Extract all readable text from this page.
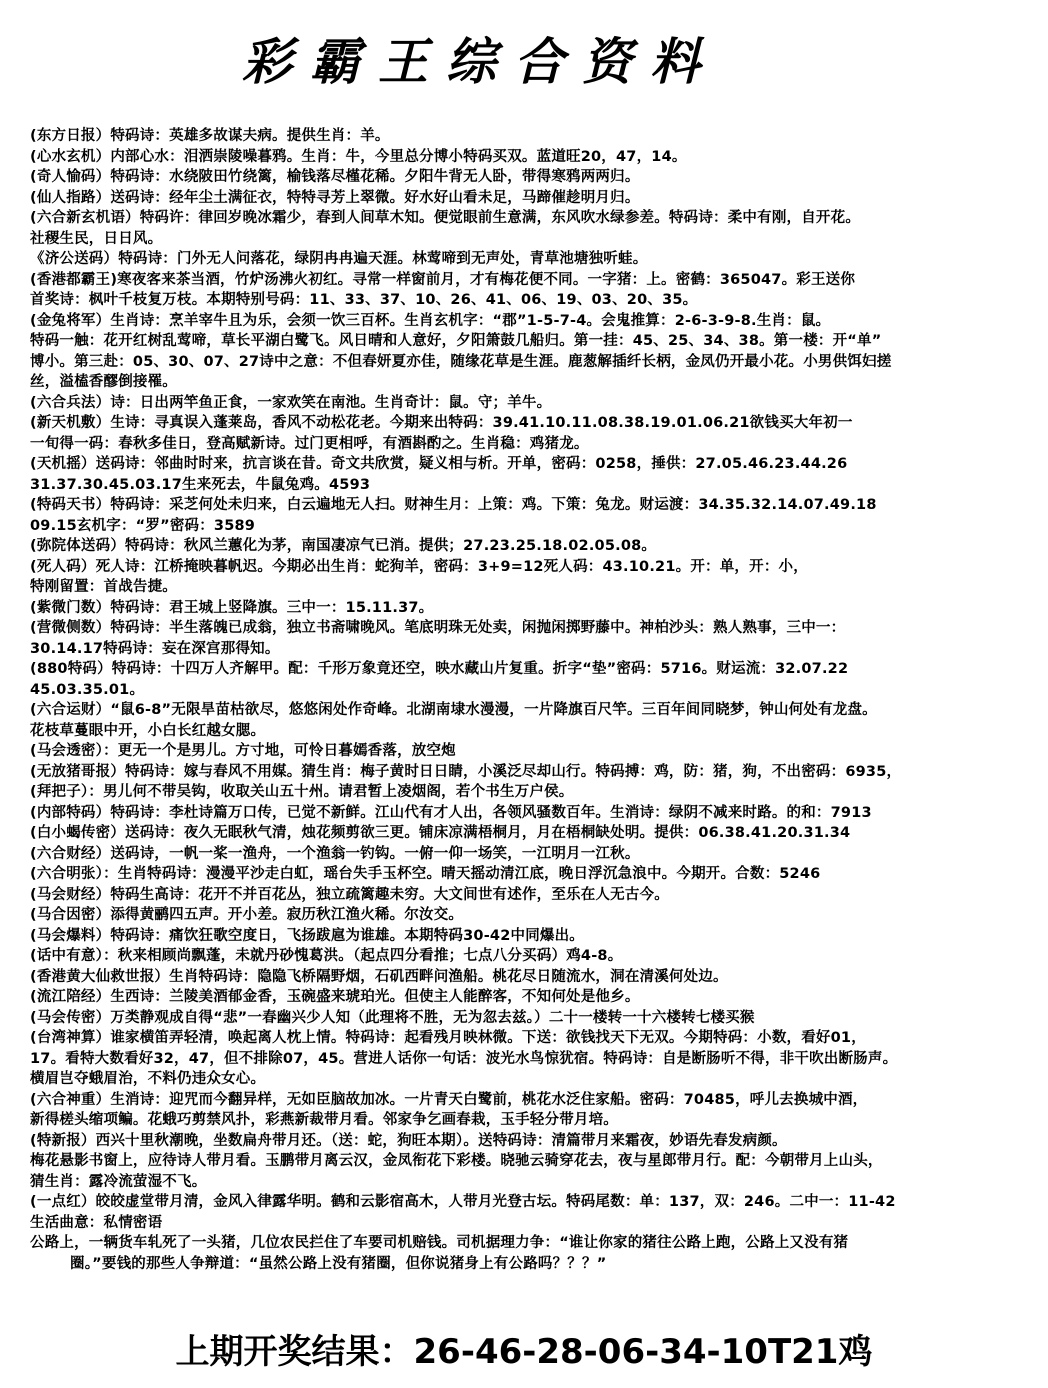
彩霸王综合资料
(东方日报）特码诗：英雄多故谋夫病。提供生肖：羊。
(心水玄机）内部心水：泪洒崇陵噪暮鸦。生肖：牛，今里总分博小特码买双。蓝道旺20，47，14。
(奇人愉码）特码诗：水绕陂田竹绕篱，榆钱落尽槿花稀。夕阳牛背无人卧，带得寒鸦两两归。
(仙人指路）送码诗：经年尘土满征衣，特特寻芳上翠微。好水好山看未足，马蹄催趁明月归。
(六合新玄机语）特码许：律回岁晚冰霜少，春到人间草木知。便觉眼前生意满，东风吹水绿参差。特码诗：柔中有刚，自开花。
社稷生民，日日风。
《济公送码）特码诗：门外无人问落花，绿阴冉冉遍天涯。林莺啼到无声处，青草池塘独听蛙。
(香港都霸王)寒夜客来茶当酒，竹炉汤沸火初红。寻常一样窗前月，才有梅花便不同。一字猪：上。密鹤：365047。彩王送你
首奖诗：枫叶千枝复万枝。本期特别号码：11、33、37、10、26、41、06、19、03、20、35。
(金兔将军）生肖诗：烹羊宰牛且为乐，会须一饮三百杯。生肖玄机字：“郡”1-5-7-4。会鬼推算：2-6-3-9-8.生肖：鼠。
特码一触：花开红树乱莺啼，草长平湖白鹭飞。风日晴和人意好，夕阳箫鼓几船归。第一挂：45、25、34、38。第一楼：开“单”
博小。第三赴：05、30、07、27诗中之意：不但春妍夏亦佳，随缘花草是生涯。鹿葱解插纤长柄，金凤仍开最小花。小男供饵妇搓
丝，溢榼香醪倒接罹。
(六合兵法）诗：日出两竿鱼正食，一家欢笑在南池。生肖奇计：鼠。守；羊牛。
(新天机敷）生诗：寻真误入蓬莱岛，香风不动松花老。今期来出特码：39.41.10.11.08.38.19.01.06.21欲钱买大年初一
一旬得一码：春秋多佳日，登高赋新诗。过门更相呼，有酒斟酌之。生肖稳：鸡猪龙。
(天机摇）送码诗：邻曲时时来，抗言谈在昔。奇文共欣赏，疑义相与析。开单，密码：0258，捶供：27.05.46.23.44.26
31.37.30.45.03.17生来死去，牛鼠兔鸡。4593
(特码天书）特码诗：采芝何处未归来，白云遍地无人扫。财神生月：上策：鸡。下策：兔龙。财运渡：34.35.32.14.07.49.18
09.15玄机字：“罗”密码：3589
(弥院体送码）特码诗：秋风兰蕙化为茅，南国凄凉气已消。提供；27.23.25.18.02.05.08。
(死人码）死人诗：江桥掩映暮帆迟。今期必出生肖：蛇狗羊，密码：3+9=12死人码：43.10.21。开：单，开：小，
特刚留置：首战告捷。
(紫微门数）特码诗：君王城上竖降旗。三中一：15.11.37。
(营微侧数）特码诗：半生落魄已成翁，独立书斋啸晚风。笔底明珠无处卖，闲抛闲掷野藤中。神柏沙头：熟人熟事，三中一：
30.14.17特码诗：妄在深宫那得知。
(880特码）特码诗：十四万人齐解甲。配：千形万象竟还空，映水藏山片复重。折字“垫”密码：5716。财运流：32.07.22
45.03.35.01。
(六合运财）“鼠6-8”无限旱苗枯欲尽，悠悠闲处作奇峰。北湖南埭水漫漫，一片降旗百尺竿。三百年间同晓梦，钟山何处有龙盘。
花枝草蔓眼中开，小白长红越女腮。
(马会透密）：更无一个是男儿。方寸地，可怜日暮嫣香落，放空炮
(无放猪哥报）特码诗：嫁与春风不用媒。猜生肖：梅子黄时日日睛，小溪泛尽却山行。特码搏：鸡，防：猪，狗，不出密码：6935，
(拜把子）：男儿何不带吴钩，收取关山五十州。请君暂上凌烟阁，若个书生万户侯。
(内部特码）特码诗：李杜诗篇万口传，已觉不新鲜。江山代有才人出，各领风骚数百年。生消诗：绿阴不减来时路。的和：7913
(白小蝎传密）送码诗：夜久无眠秋气清，烛花频剪欲三更。铺床凉满梧桐月，月在梧桐缺处明。提供：06.38.41.20.31.34
(六合财经）送码诗，一帆一桨一渔舟，一个渔翁一钓钩。一俯一仰一场笑，一江明月一江秋。
(六合明张）：生肖特码诗：漫漫平沙走白虹，瑶台失手玉杯空。晴天摇动清江底，晚日浮沉急浪中。今期开。合数：5246
(马会财经）特码生高诗：花开不并百花丛，独立疏篱趣未穷。大文间世有述作，至乐在人无古今。
(马合因密）添得黄鹂四五声。开小差。寂历秋江渔火稀。尔汝交。
(马会爆料）特码诗：痛饮狂歌空度日，飞扬跋扈为谁雄。本期特码30-42中同爆出。
(话中有意）：秋来相顾尚飘蓬，未就丹砂愧葛洪。（起点四分看推；七点八分买码）鸡4-8。
(香港黄大仙救世报）生肖特码诗：隐隐飞桥隔野烟，石矶西畔问渔船。桃花尽日随流水，洞在清溪何处边。
(流江陪经）生西诗：兰陵美酒郁金香，玉碗盛来琥珀光。但使主人能醉客，不知何处是他乡。
(马会传密）万类静观成自得“悲”一春幽兴少人知（此理将不胜，无为忽去兹。）二十一楼转一十六楼转七楼买猴
(台湾神算）谁家横笛弄轻清，唤起离人枕上情。特码诗：起看残月映林微。下送：欲钱找天下无双。今期特码：小数，看好01，
17。看特大数看好32，47，但不排除07，45。营进人话你一句话：波光水鸟惊犹宿。特码诗：自是断肠听不得，非干吹出断肠声。
横眉岂夺蛾眉治，不料仍违众女心。
(六合神重）生消诗：迎咒而今翻异样，无如臣脑故加冰。一片青天白鹭前，桃花水泛住家船。密码：70485，呼儿去换城中酒，
新得槎头缩项鳊。花蛾巧剪禁风扑，彩燕新裁带月看。邻家争乞画春栽，玉手轻分带月培。
(特新报）西兴十里秋潮晚，坐数扁舟带月还。（送：蛇，狗旺本期）。送特码诗：清篇带月来霜夜，妙语先春发病颜。
梅花悬影书窗上，应待诗人带月看。玉鹏带月离云汉，金凤衔花下彩楼。晓驰云骑穿花去，夜与星郎带月行。配：今朝带月上山头，
猜生肖：露冷流萤湿不飞。
(一点红）皎皎虚堂带月清，金风入律露华明。鹤和云影宿高木，人带月光登古坛。特码尾数：单：137，双：246。二中一：11-42
生活曲意：私情密语
公路上，一辆货车轧死了一头猪，几位农民拦住了车要司机赔钱。司机据理力争：“谁让你家的猪往公路上跑，公路上又没有猪
圈。”要钱的那些人争辩道：“虽然公路上没有猪圈，但你说猪身上有公路吗？？？”
上期开奖结果：26-46-28-06-34-10T21鸡
